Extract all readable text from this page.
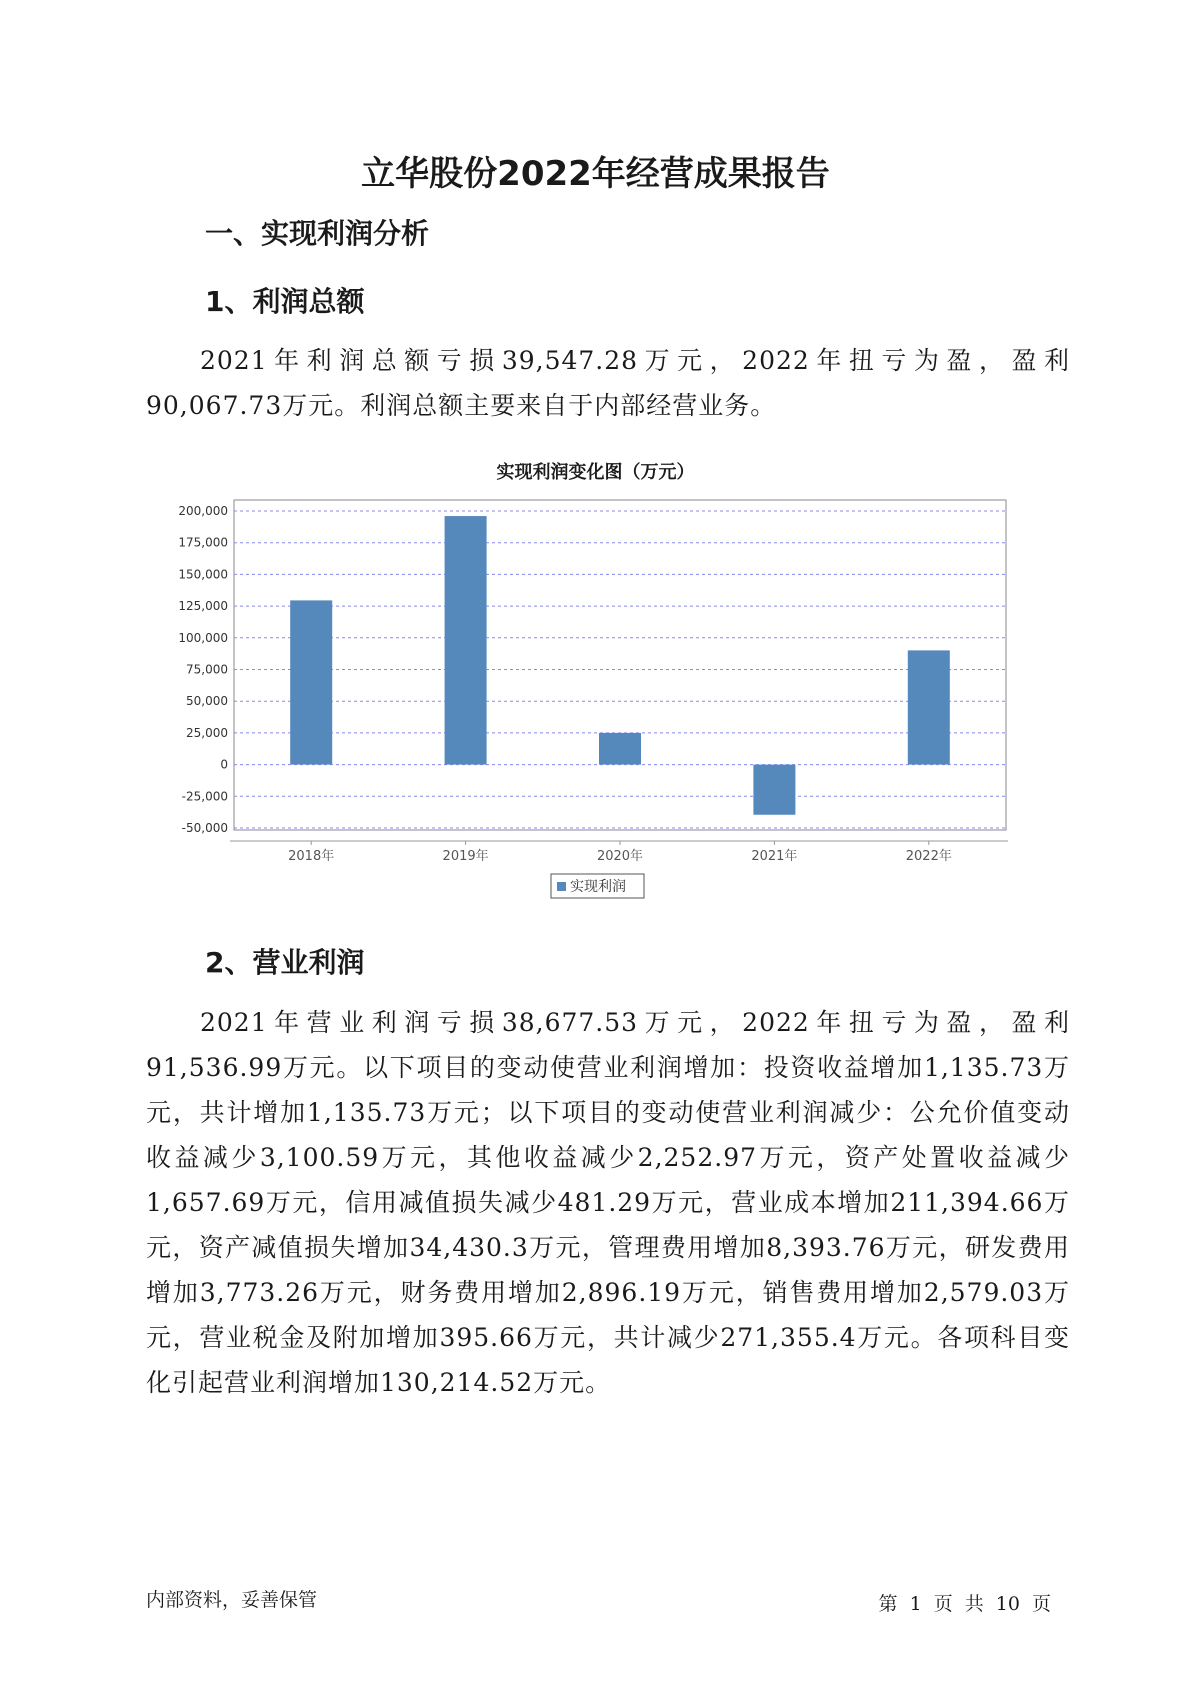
立华股份2022年经营成果报告
一、实现利润分析
1、利润总额
2021年利润总额亏损39,547.28万元，2022年扭亏为盈，盈利90,067.73万元。利润总额主要来自于内部经营业务。
实现利润变化图（万元）
-50,000
-25,000
0
25,000
50,000
75,000
100,000
125,000
150,000
175,000
200,000
2018年	2019年	2020年	2021年	2022年
实现利润
2、营业利润
2021年营业利润亏损38,677.53万元，2022年扭亏为盈，盈利91,536.99万元。以下项目的变动使营业利润增加：投资收益增加1,135.73万元，共计增加1,135.73万元；以下项目的变动使营业利润减少：公允价值变动收益减少3,100.59万元，其他收益减少2,252.97万元，资产处置收益减少1,657.69万元，信用减值损失减少481.29万元，营业成本增加211,394.66万元，资产减值损失增加34,430.3万元，管理费用增加8,393.76万元，研发费用增加3,773.26万元，财务费用增加2,896.19万元，销售费用增加2,579.03万元，营业税金及附加增加395.66万元，共计减少271,355.4万元。各项科目变化引起营业利润增加130,214.52万元。
内部资料，妥善保管	第 1 页 共 10 页
